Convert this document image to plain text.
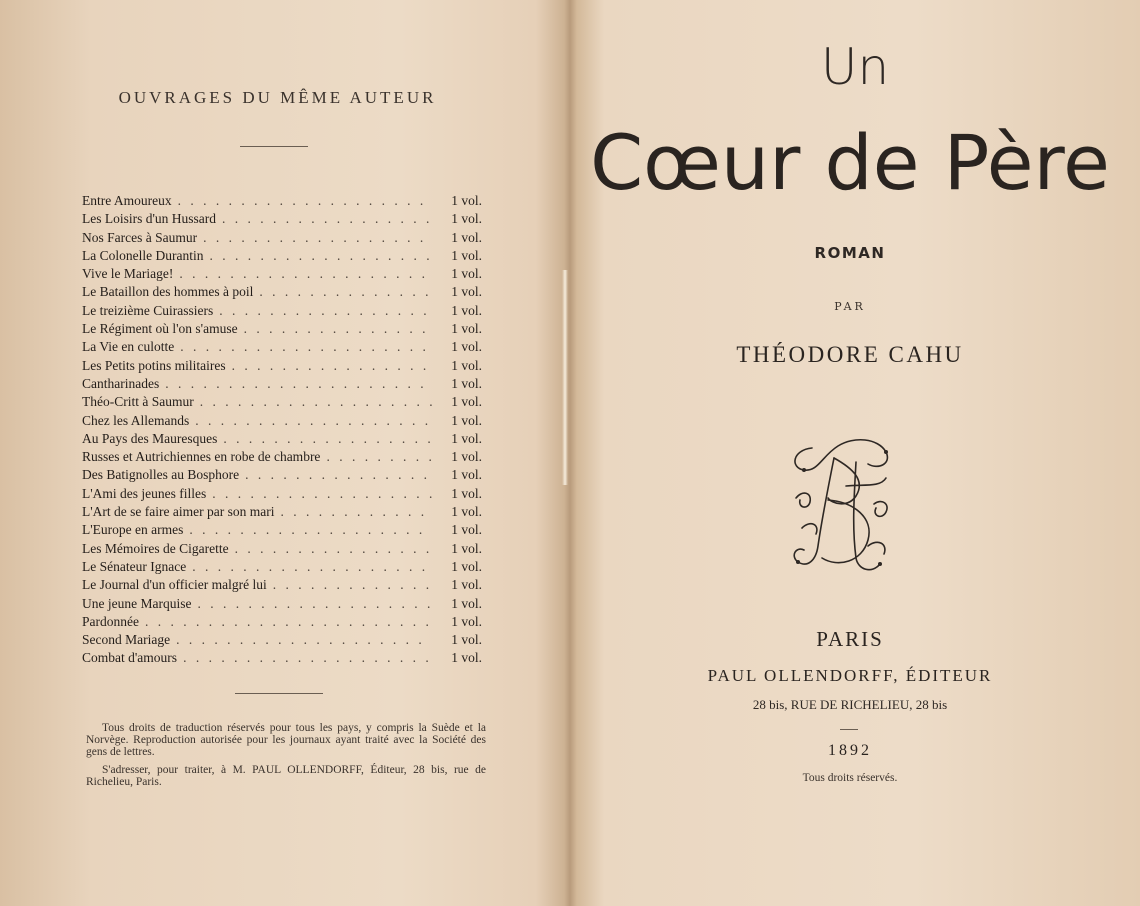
OUVRAGES DU MÊME AUTEUR
Entre Amoureux . . .	1 vol.
Les Loisirs d'un Hussard . . .	1 vol.
Nos Farces à Saumur . . .	1 vol.
La Colonelle Durantin . . .	1 vol.
Vive le Mariage! . . .	1 vol.
Le Bataillon des hommes à poil . . .	1 vol.
Le treizième Cuirassiers . . .	1 vol.
Le Régiment où l'on s'amuse . . .	1 vol.
La Vie en culotte . . .	1 vol.
Les Petits potins militaires . . .	1 vol.
Cantharinades . . .	1 vol.
Théo-Critt à Saumur . . .	1 vol.
Chez les Allemands . . .	1 vol.
Au Pays des Mauresques . . .	1 vol.
Russes et Autrichiennes en robe de chambre . . .	1 vol.
Des Batignolles au Bosphore . . .	1 vol.
L'Ami des jeunes filles . . .	1 vol.
L'Art de se faire aimer par son mari . . .	1 vol.
L'Europe en armes . . .	1 vol.
Les Mémoires de Cigarette . . .	1 vol.
Le Sénateur Ignace . . .	1 vol.
Le Journal d'un officier malgré lui . . .	1 vol.
Une jeune Marquise . . .	1 vol.
Pardonnée . . .	1 vol.
Second Mariage . . .	1 vol.
Combat d'amours . . .	1 vol.

Tous droits de traduction réservés pour tous les pays, y compris la Suède et la Norvège. Reproduction autorisée pour les journaux ayant traité avec la Société des gens de lettres.

S'adresser, pour traiter, à M. PAUL OLLENDORFF, Éditeur, 28 bis, rue de Richelieu, Paris.

Un
Cœur de Père
ROMAN
PAR
THÉODORE CAHU
PARIS
PAUL OLLENDORFF, ÉDITEUR
28 bis, RUE DE RICHELIEU, 28 bis
1892
Tous droits réservés.
